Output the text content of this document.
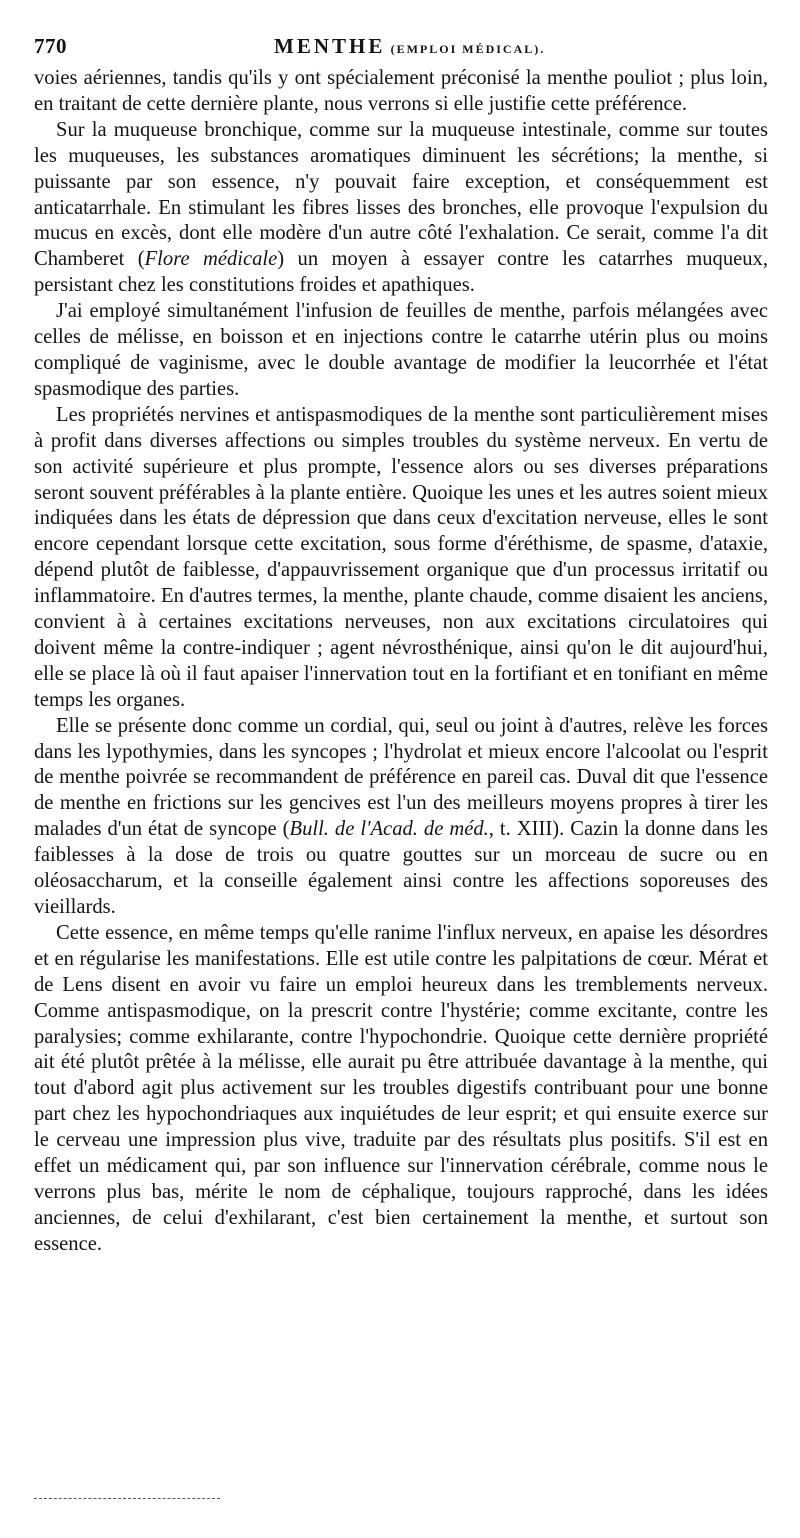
770	MENTHE
(EMPLOI MÉDICAL).

voies aériennes, tandis qu'ils y ont spécialement préconisé la menthe pouliot ; plus loin, en traitant de cette dernière plante, nous verrons si elle justifie cette préférence.

Sur la muqueuse bronchique, comme sur la muqueuse intestinale, comme sur toutes les muqueuses, les substances aromatiques diminuent les sécrétions; la menthe, si puissante par son essence, n'y pouvait faire exception, et conséquemment est anticatarrhale. En stimulant les fibres lisses des bronches, elle provoque l'expulsion du mucus en excès, dont elle modère d'un autre côté l'exhalation. Ce serait, comme l'a dit Chamberet (Flore médicale) un moyen à essayer contre les catarrhes muqueux, persistant chez les constitutions froides et apathiques.

J'ai employé simultanément l'infusion de feuilles de menthe, parfois mélangées avec celles de mélisse, en boisson et en injections contre le catarrhe utérin plus ou moins compliqué de vaginisme, avec le double avantage de modifier la leucorrhée et l'état spasmodique des parties.

Les propriétés nervines et antispasmodiques de la menthe sont particulièrement mises à profit dans diverses affections ou simples troubles du système nerveux. En vertu de son activité supérieure et plus prompte, l'essence alors ou ses diverses préparations seront souvent préférables à la plante entière. Quoique les unes et les autres soient mieux indiquées dans les états de dépression que dans ceux d'excitation nerveuse, elles le sont encore cependant lorsque cette excitation, sous forme d'éréthisme, de spasme, d'ataxie, dépend plutôt de faiblesse, d'appauvrissement organique que d'un processus irritatif ou inflammatoire. En d'autres termes, la menthe, plante chaude, comme disaient les anciens, convient à à certaines excitations nerveuses, non aux excitations circulatoires qui doivent même la contre-indiquer ; agent névrosthénique, ainsi qu'on le dit aujourd'hui, elle se place là où il faut apaiser l'innervation tout en la fortifiant et en tonifiant en même temps les organes.

Elle se présente donc comme un cordial, qui, seul ou joint à d'autres, relève les forces dans les lypothymies, dans les syncopes ; l'hydrolat et mieux encore l'alcoolat ou l'esprit de menthe poivrée se recommandent de préférence en pareil cas. Duval dit que l'essence de menthe en frictions sur les gencives est l'un des meilleurs moyens propres à tirer les malades d'un état de syncope (Bull. de l'Acad. de méd., t. XIII). Cazin la donne dans les faiblesses à la dose de trois ou quatre gouttes sur un morceau de sucre ou en oléosaccharum, et la conseille également ainsi contre les affections soporeuses des vieillards.

Cette essence, en même temps qu'elle ranime l'influx nerveux, en apaise les désordres et en régularise les manifestations. Elle est utile contre les palpitations de cœur. Mérat et de Lens disent en avoir vu faire un emploi heureux dans les tremblements nerveux. Comme antispasmodique, on la prescrit contre l'hystérie; comme excitante, contre les paralysies; comme exhilarante, contre l'hypochondrie. Quoique cette dernière propriété ait été plutôt prêtée à la mélisse, elle aurait pu être attribuée davantage à la menthe, qui tout d'abord agit plus activement sur les troubles digestifs contribuant pour une bonne part chez les hypochondriaques aux inquiétudes de leur esprit; et qui ensuite exerce sur le cerveau une impression plus vive, traduite par des résultats plus positifs. S'il est en effet un médicament qui, par son influence sur l'innervation cérébrale, comme nous le verrons plus bas, mérite le nom de céphalique, toujours rapproché, dans les idées anciennes, de celui d'exhilarant, c'est bien certainement la menthe, et surtout son essence.
